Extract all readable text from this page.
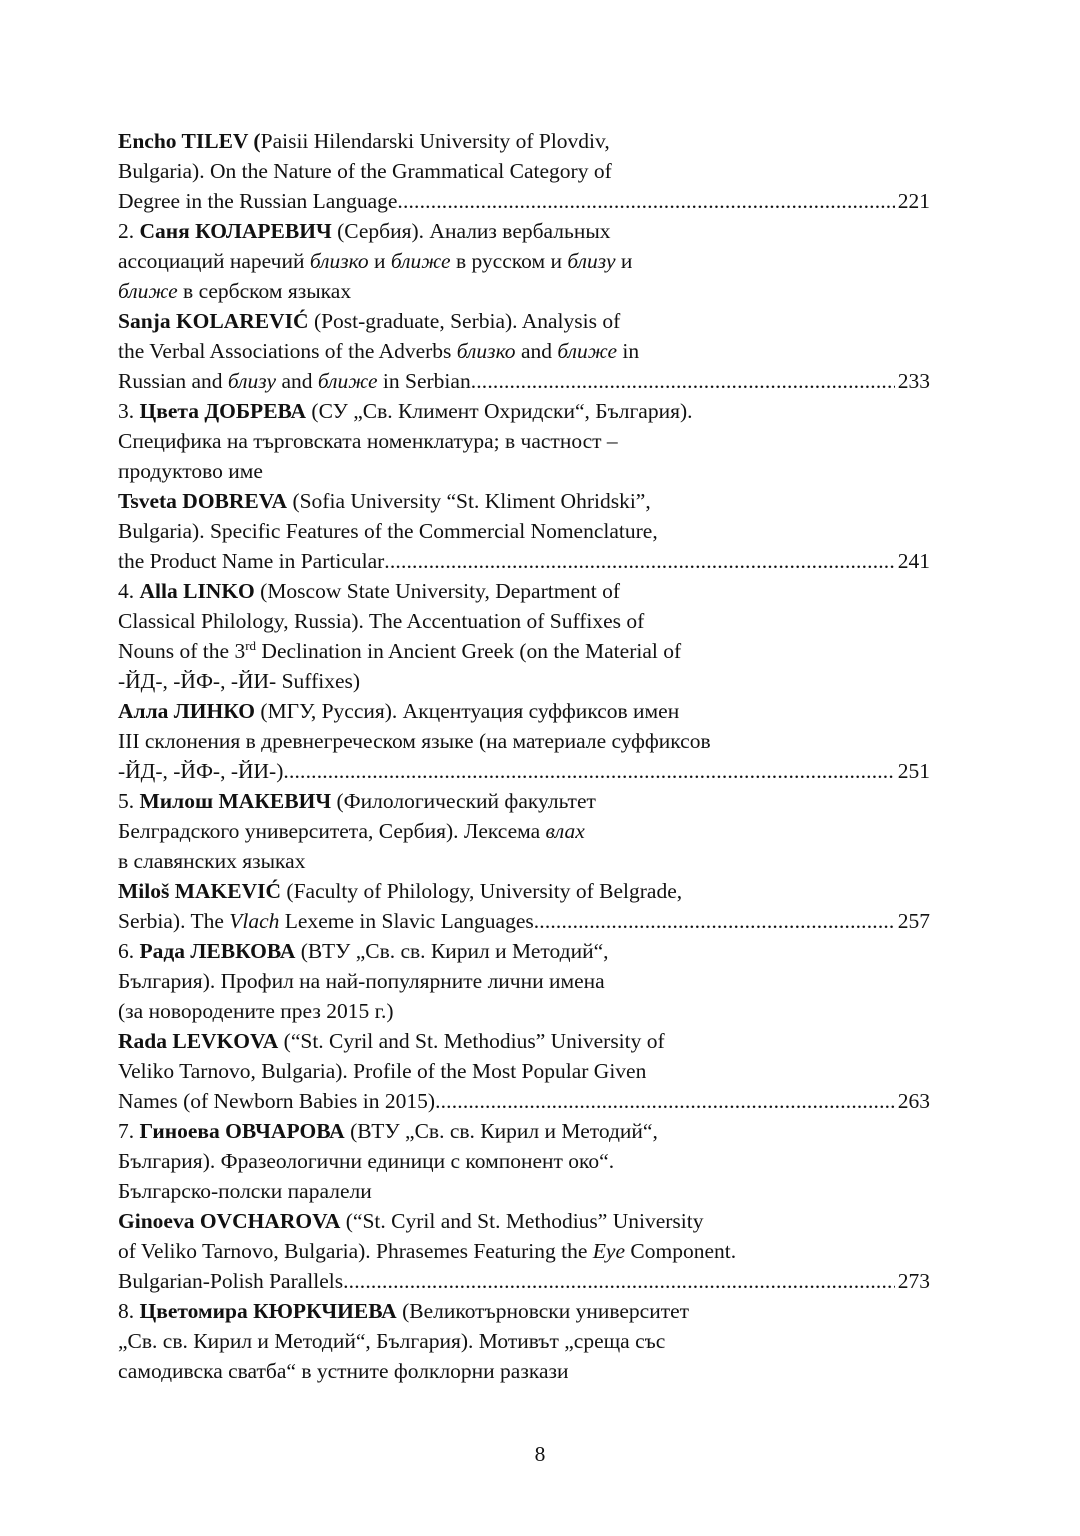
Encho TILEV (Paisii Hilendarski University of Plovdiv,
Bulgaria). On the Nature of the Grammatical Category of
Degree in the Russian Language . . .	221
2. Саня КОЛАРЕВИЧ (Сербия). Анализ вербальных
ассоциаций наречий близко и ближе в русском и близу и
ближе в сербском языках
Sanja KOLAREVIĆ (Post-graduate, Serbia). Analysis of
the Verbal Associations of the Adverbs близко and ближе in
Russian and близу and ближе in Serbian . . .	233
3. Цвета ДОБРЕВА (СУ „Св. Климент Охридски“, България).
Специфика на търговската номенклатура; в частност –
продуктово име
Tsveta DOBREVA (Sofia University “St. Kliment Ohridski”,
Bulgaria). Specific Features of the Commercial Nomenclature,
the Product Name in Particular . . .	241
4. Alla LINKO (Moscow State University, Department of
Classical Philology, Russia). The Accentuation of Suffixes of
Nouns of the 3rd Declination in Ancient Greek (on the Material of
-ЙД-, -ЙФ-, -ЙИ- Suffixes)
Алла ЛИНКО (МГУ, Руссия). Акцентуация суффиксов имен
III склонения в древнегреческом языке (на материале суффиксов
-ЙД-, -ЙФ-, -ЙИ-) . . .	251
5. Милош МАКЕВИЧ (Филологический факультет
Белградского университета, Сербия). Лексема влах
в славянских языках
Miloš MAKEVIĆ (Faculty of Philology, University of Belgrade,
Serbia). The Vlach Lexeme in Slavic Languages . . .	257
6. Рада ЛЕВКОВА (ВТУ „Св. св. Кирил и Методий“,
България). Профил на най-популярните лични имена
(за новородените през 2015 г.)
Rada LEVKOVA (“St. Cyril and St. Methodius” University of
Veliko Tarnovo, Bulgaria). Profile of the Most Popular Given
Names (of Newborn Babies in 2015) . . .	263
7. Гиноева ОВЧАРОВА (ВТУ „Св. св. Кирил и Методий“,
България). Фразеологични единици с компонент око“.
Българско-полски паралели
Ginoeva OVCHAROVA (“St. Cyril and St. Methodius” University
of Veliko Tarnovo, Bulgaria). Phrasemes Featuring the Eye Component.
Bulgarian-Polish Parallels . . .	273
8. Цветомира КЮРКЧИЕВА (Великотърновски университет
„Св. св. Кирил и Методий“, България). Мотивът „среща със
самодивска сватба“ в устните фолклорни разкази
8
